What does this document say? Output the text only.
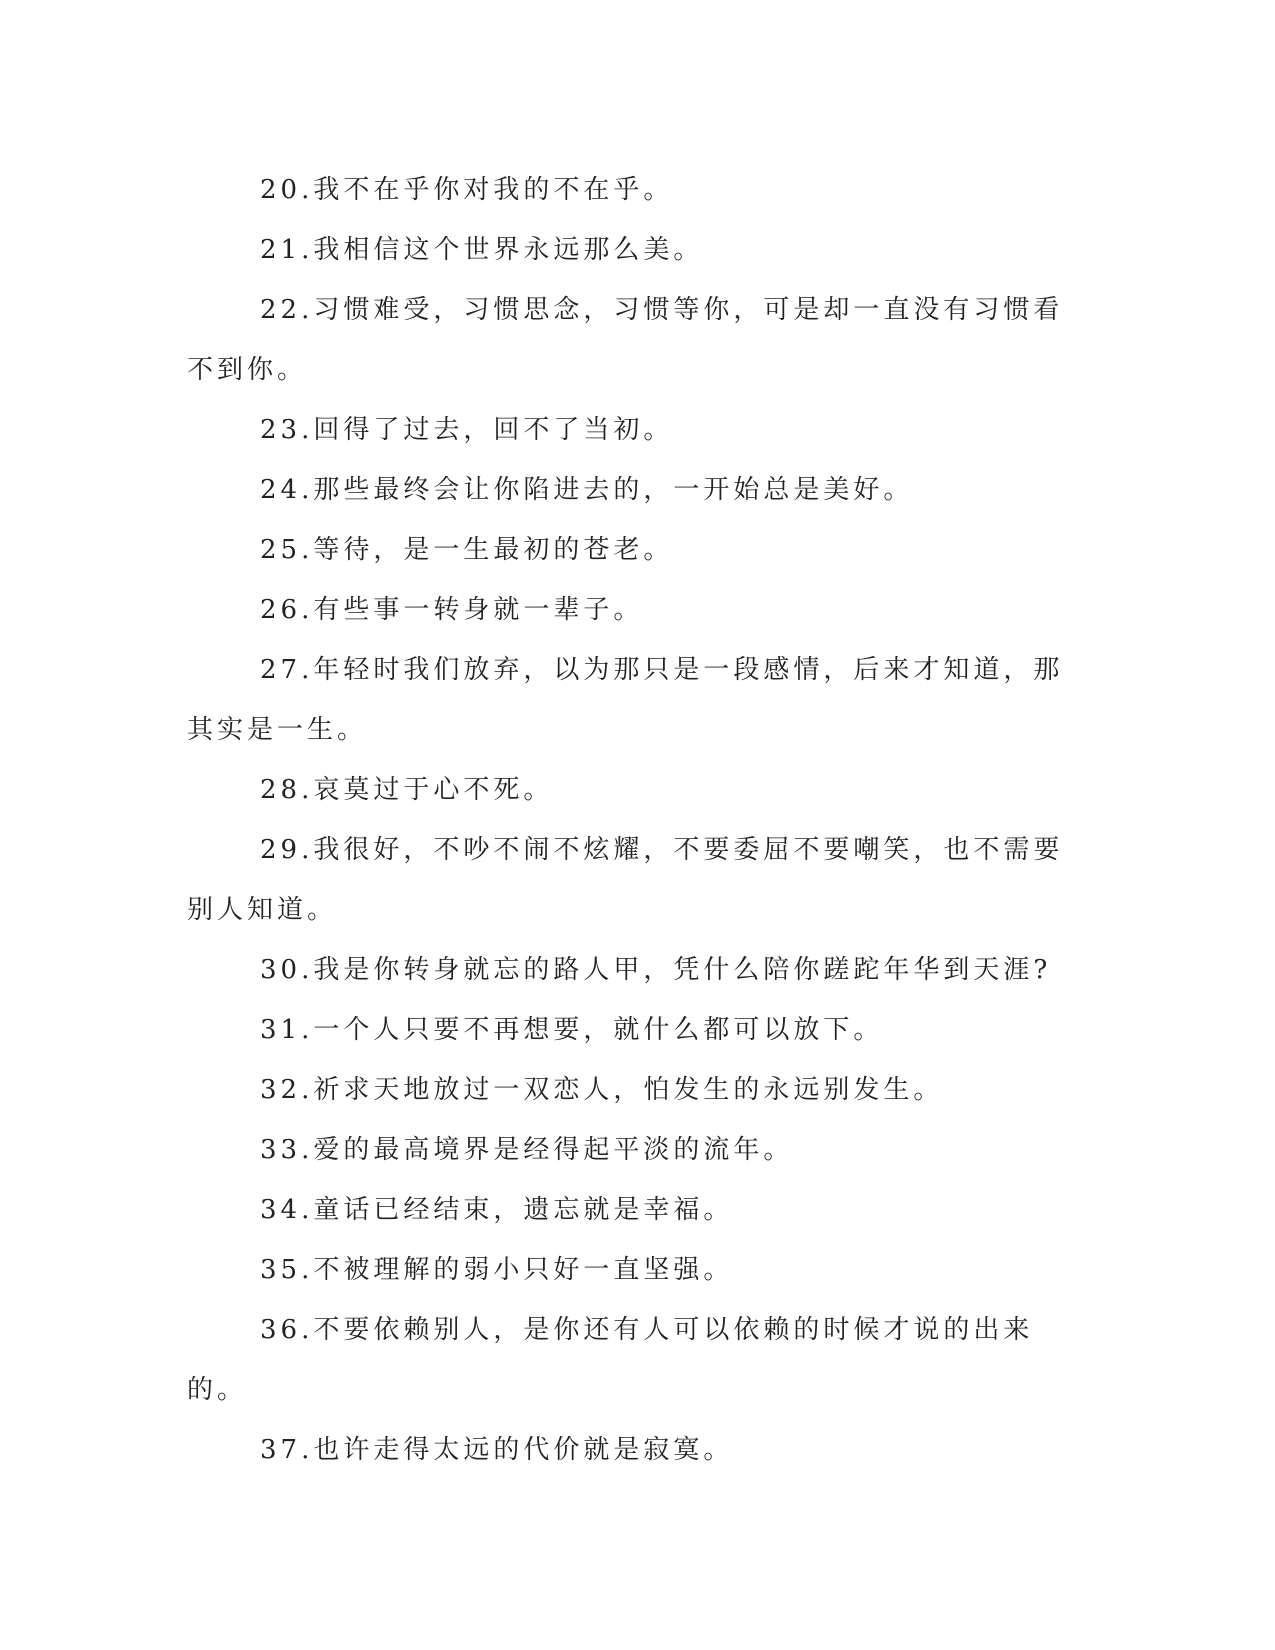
20.我不在乎你对我的不在乎。

21.我相信这个世界永远那么美。

22.习惯难受，习惯思念，习惯等你，可是却一直没有习惯看不到你。

23.回得了过去，回不了当初。

24.那些最终会让你陷进去的，一开始总是美好。

25.等待，是一生最初的苍老。

26.有些事一转身就一辈子。

27.年轻时我们放弃，以为那只是一段感情，后来才知道，那其实是一生。

28.哀莫过于心不死。

29.我很好，不吵不闹不炫耀，不要委屈不要嘲笑，也不需要别人知道。

30.我是你转身就忘的路人甲，凭什么陪你蹉跎年华到天涯?

31.一个人只要不再想要，就什么都可以放下。

32.祈求天地放过一双恋人，怕发生的永远别发生。

33.爱的最高境界是经得起平淡的流年。

34.童话已经结束，遗忘就是幸福。

35.不被理解的弱小只好一直坚强。

36.不要依赖别人，是你还有人可以依赖的时候才说的出来的。

37.也许走得太远的代价就是寂寞。
